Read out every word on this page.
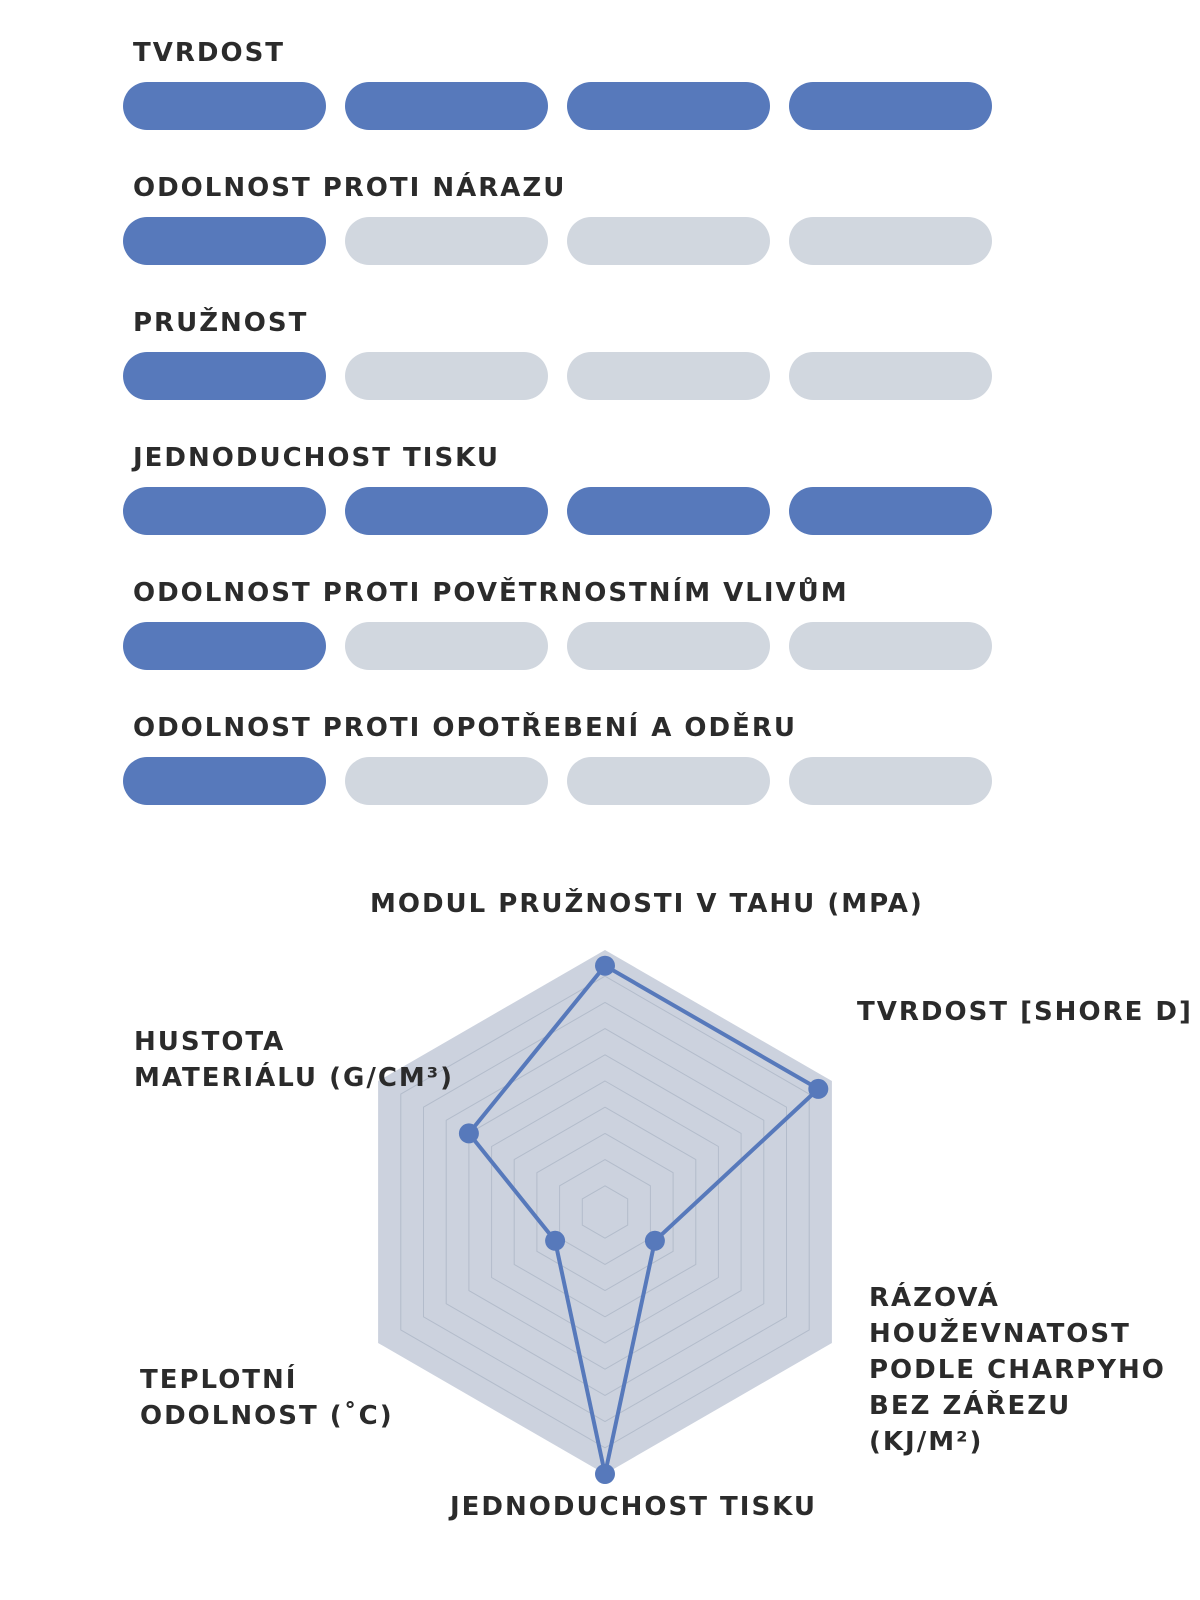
TVRDOST
ODOLNOST PROTI NÁRAZU
PRUŽNOST
JEDNODUCHOST TISKU
ODOLNOST PROTI POVĚTRNOSTNÍM VLIVŮM
ODOLNOST PROTI OPOTŘEBENÍ A ODĚRU
MODUL PRUŽNOSTI V TAHU (MPA)
TVRDOST [SHORE D]
RÁZOVÁ
HOUŽEVNATOST
PODLE CHARPYHO
BEZ ZÁŘEZU
(KJ/M²)
JEDNODUCHOST TISKU
TEPLOTNÍ
ODOLNOST (˚C)
HUSTOTA
MATERIÁLU (G/CM³)
